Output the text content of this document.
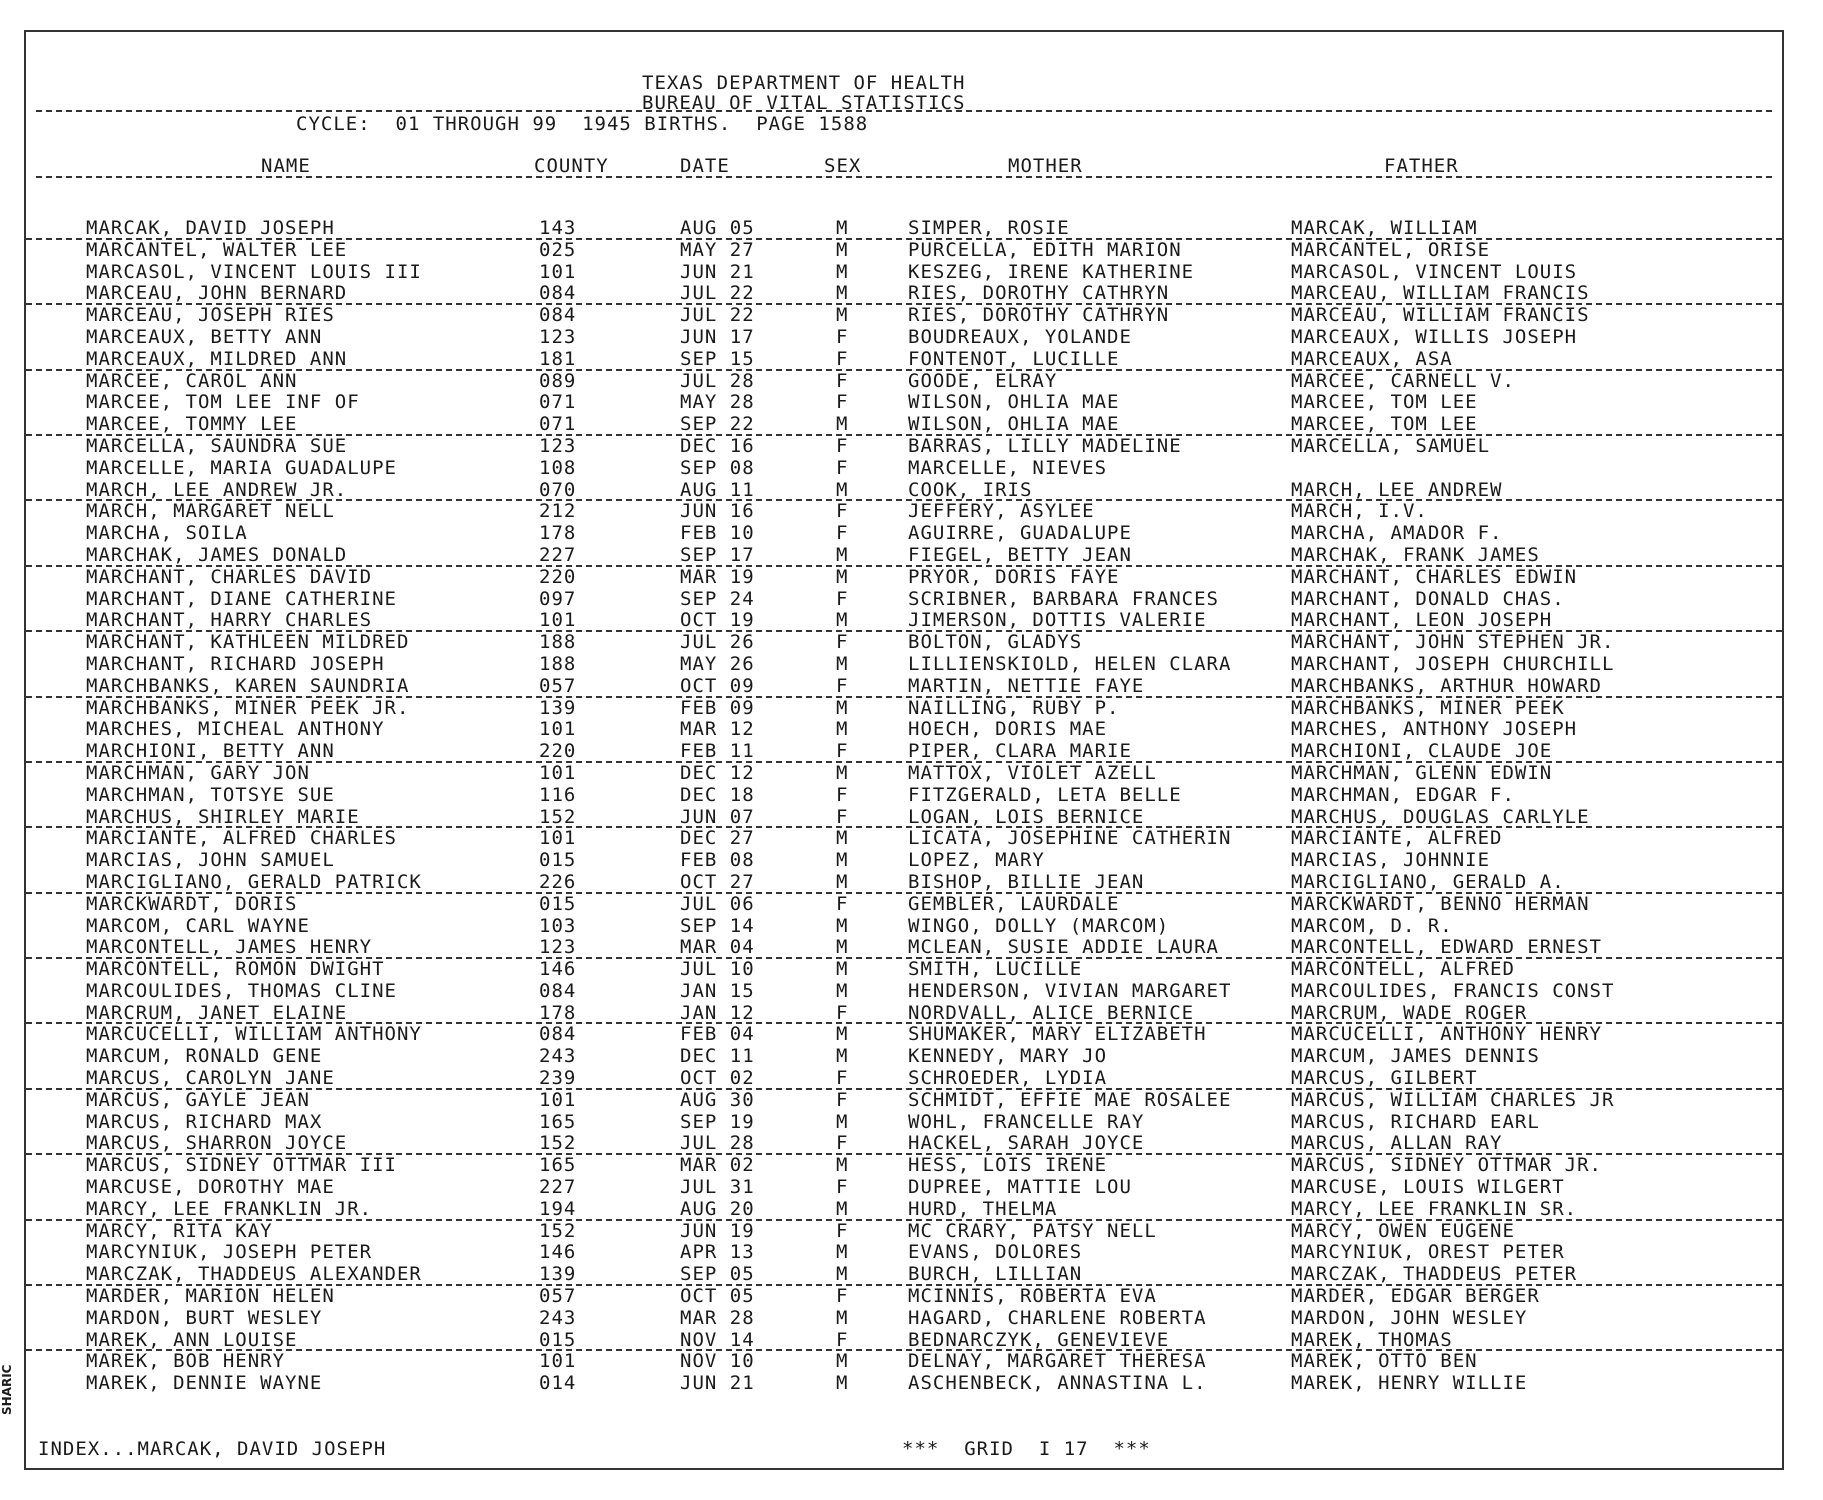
SHARIC
TEXAS DEPARTMENT OF HEALTH
BUREAU OF VITAL STATISTICS
CYCLE:  01 THROUGH 99  1945 BIRTHS.  PAGE 1588
NAME	COUNTY	DATE	SEX	MOTHER	FATHER
MARCAK, DAVID JOSEPH	143	AUG 05	M	SIMPER, ROSIE	MARCAK, WILLIAM
MARCANTEL, WALTER LEE	025	MAY 27	M	PURCELLA, EDITH MARION	MARCANTEL, ORISE
MARCASOL, VINCENT LOUIS III	101	JUN 21	M	KESZEG, IRENE KATHERINE	MARCASOL, VINCENT LOUIS
MARCEAU, JOHN BERNARD	084	JUL 22	M	RIES, DOROTHY CATHRYN	MARCEAU, WILLIAM FRANCIS
MARCEAU, JOSEPH RIES	084	JUL 22	M	RIES, DOROTHY CATHRYN	MARCEAU, WILLIAM FRANCIS
MARCEAUX, BETTY ANN	123	JUN 17	F	BOUDREAUX, YOLANDE	MARCEAUX, WILLIS JOSEPH
MARCEAUX, MILDRED ANN	181	SEP 15	F	FONTENOT, LUCILLE	MARCEAUX, ASA
MARCEE, CAROL ANN	089	JUL 28	F	GOODE, ELRAY	MARCEE, CARNELL V.
MARCEE, TOM LEE INF OF	071	MAY 28	F	WILSON, OHLIA MAE	MARCEE, TOM LEE
MARCEE, TOMMY LEE	071	SEP 22	M	WILSON, OHLIA MAE	MARCEE, TOM LEE
MARCELLA, SAUNDRA SUE	123	DEC 16	F	BARRAS, LILLY MADELINE	MARCELLA, SAMUEL
MARCELLE, MARIA GUADALUPE	108	SEP 08	F	MARCELLE, NIEVES
MARCH, LEE ANDREW JR.	070	AUG 11	M	COOK, IRIS	MARCH, LEE ANDREW
MARCH, MARGARET NELL	212	JUN 16	F	JEFFERY, ASYLEE	MARCH, I.V.
MARCHA, SOILA	178	FEB 10	F	AGUIRRE, GUADALUPE	MARCHA, AMADOR F.
MARCHAK, JAMES DONALD	227	SEP 17	M	FIEGEL, BETTY JEAN	MARCHAK, FRANK JAMES
MARCHANT, CHARLES DAVID	220	MAR 19	M	PRYOR, DORIS FAYE	MARCHANT, CHARLES EDWIN
MARCHANT, DIANE CATHERINE	097	SEP 24	F	SCRIBNER, BARBARA FRANCES	MARCHANT, DONALD CHAS.
MARCHANT, HARRY CHARLES	101	OCT 19	M	JIMERSON, DOTTIS VALERIE	MARCHANT, LEON JOSEPH
MARCHANT, KATHLEEN MILDRED	188	JUL 26	F	BOLTON, GLADYS	MARCHANT, JOHN STEPHEN JR.
MARCHANT, RICHARD JOSEPH	188	MAY 26	M	LILLIENSKIOLD, HELEN CLARA	MARCHANT, JOSEPH CHURCHILL
MARCHBANKS, KAREN SAUNDRIA	057	OCT 09	F	MARTIN, NETTIE FAYE	MARCHBANKS, ARTHUR HOWARD
MARCHBANKS, MINER PEEK JR.	139	FEB 09	M	NAILLING, RUBY P.	MARCHBANKS, MINER PEEK
MARCHES, MICHEAL ANTHONY	101	MAR 12	M	HOECH, DORIS MAE	MARCHES, ANTHONY JOSEPH
MARCHIONI, BETTY ANN	220	FEB 11	F	PIPER, CLARA MARIE	MARCHIONI, CLAUDE JOE
MARCHMAN, GARY JON	101	DEC 12	M	MATTOX, VIOLET AZELL	MARCHMAN, GLENN EDWIN
MARCHMAN, TOTSYE SUE	116	DEC 18	F	FITZGERALD, LETA BELLE	MARCHMAN, EDGAR F.
MARCHUS, SHIRLEY MARIE	152	JUN 07	F	LOGAN, LOIS BERNICE	MARCHUS, DOUGLAS CARLYLE
MARCIANTE, ALFRED CHARLES	101	DEC 27	M	LICATA, JOSEPHINE CATHERIN	MARCIANTE, ALFRED
MARCIAS, JOHN SAMUEL	015	FEB 08	M	LOPEZ, MARY	MARCIAS, JOHNNIE
MARCIGLIANO, GERALD PATRICK	226	OCT 27	M	BISHOP, BILLIE JEAN	MARCIGLIANO, GERALD A.
MARCKWARDT, DORIS	015	JUL 06	F	GEMBLER, LAURDALE	MARCKWARDT, BENNO HERMAN
MARCOM, CARL WAYNE	103	SEP 14	M	WINGO, DOLLY (MARCOM)	MARCOM, D. R.
MARCONTELL, JAMES HENRY	123	MAR 04	M	MCLEAN, SUSIE ADDIE LAURA	MARCONTELL, EDWARD ERNEST
MARCONTELL, ROMON DWIGHT	146	JUL 10	M	SMITH, LUCILLE	MARCONTELL, ALFRED
MARCOULIDES, THOMAS CLINE	084	JAN 15	M	HENDERSON, VIVIAN MARGARET	MARCOULIDES, FRANCIS CONST
MARCRUM, JANET ELAINE	178	JAN 12	F	NORDVALL, ALICE BERNICE	MARCRUM, WADE ROGER
MARCUCELLI, WILLIAM ANTHONY	084	FEB 04	M	SHUMAKER, MARY ELIZABETH	MARCUCELLI, ANTHONY HENRY
MARCUM, RONALD GENE	243	DEC 11	M	KENNEDY, MARY JO	MARCUM, JAMES DENNIS
MARCUS, CAROLYN JANE	239	OCT 02	F	SCHROEDER, LYDIA	MARCUS, GILBERT
MARCUS, GAYLE JEAN	101	AUG 30	F	SCHMIDT, EFFIE MAE ROSALEE	MARCUS, WILLIAM CHARLES JR
MARCUS, RICHARD MAX	165	SEP 19	M	WOHL, FRANCELLE RAY	MARCUS, RICHARD EARL
MARCUS, SHARRON JOYCE	152	JUL 28	F	HACKEL, SARAH JOYCE	MARCUS, ALLAN RAY
MARCUS, SIDNEY OTTMAR III	165	MAR 02	M	HESS, LOIS IRENE	MARCUS, SIDNEY OTTMAR JR.
MARCUSE, DOROTHY MAE	227	JUL 31	F	DUPREE, MATTIE LOU	MARCUSE, LOUIS WILGERT
MARCY, LEE FRANKLIN JR.	194	AUG 20	M	HURD, THELMA	MARCY, LEE FRANKLIN SR.
MARCY, RITA KAY	152	JUN 19	F	MC CRARY, PATSY NELL	MARCY, OWEN EUGENE
MARCYNIUK, JOSEPH PETER	146	APR 13	M	EVANS, DOLORES	MARCYNIUK, OREST PETER
MARCZAK, THADDEUS ALEXANDER	139	SEP 05	M	BURCH, LILLIAN	MARCZAK, THADDEUS PETER
MARDER, MARION HELEN	057	OCT 05	F	MCINNIS, ROBERTA EVA	MARDER, EDGAR BERGER
MARDON, BURT WESLEY	243	MAR 28	M	HAGARD, CHARLENE ROBERTA	MARDON, JOHN WESLEY
MAREK, ANN LOUISE	015	NOV 14	F	BEDNARCZYK, GENEVIEVE	MAREK, THOMAS
MAREK, BOB HENRY	101	NOV 10	M	DELNAY, MARGARET THERESA	MAREK, OTTO BEN
MAREK, DENNIE WAYNE	014	JUN 21	M	ASCHENBECK, ANNASTINA L.	MAREK, HENRY WILLIE
INDEX...MARCAK, DAVID JOSEPH	***  GRID  I 17  ***
